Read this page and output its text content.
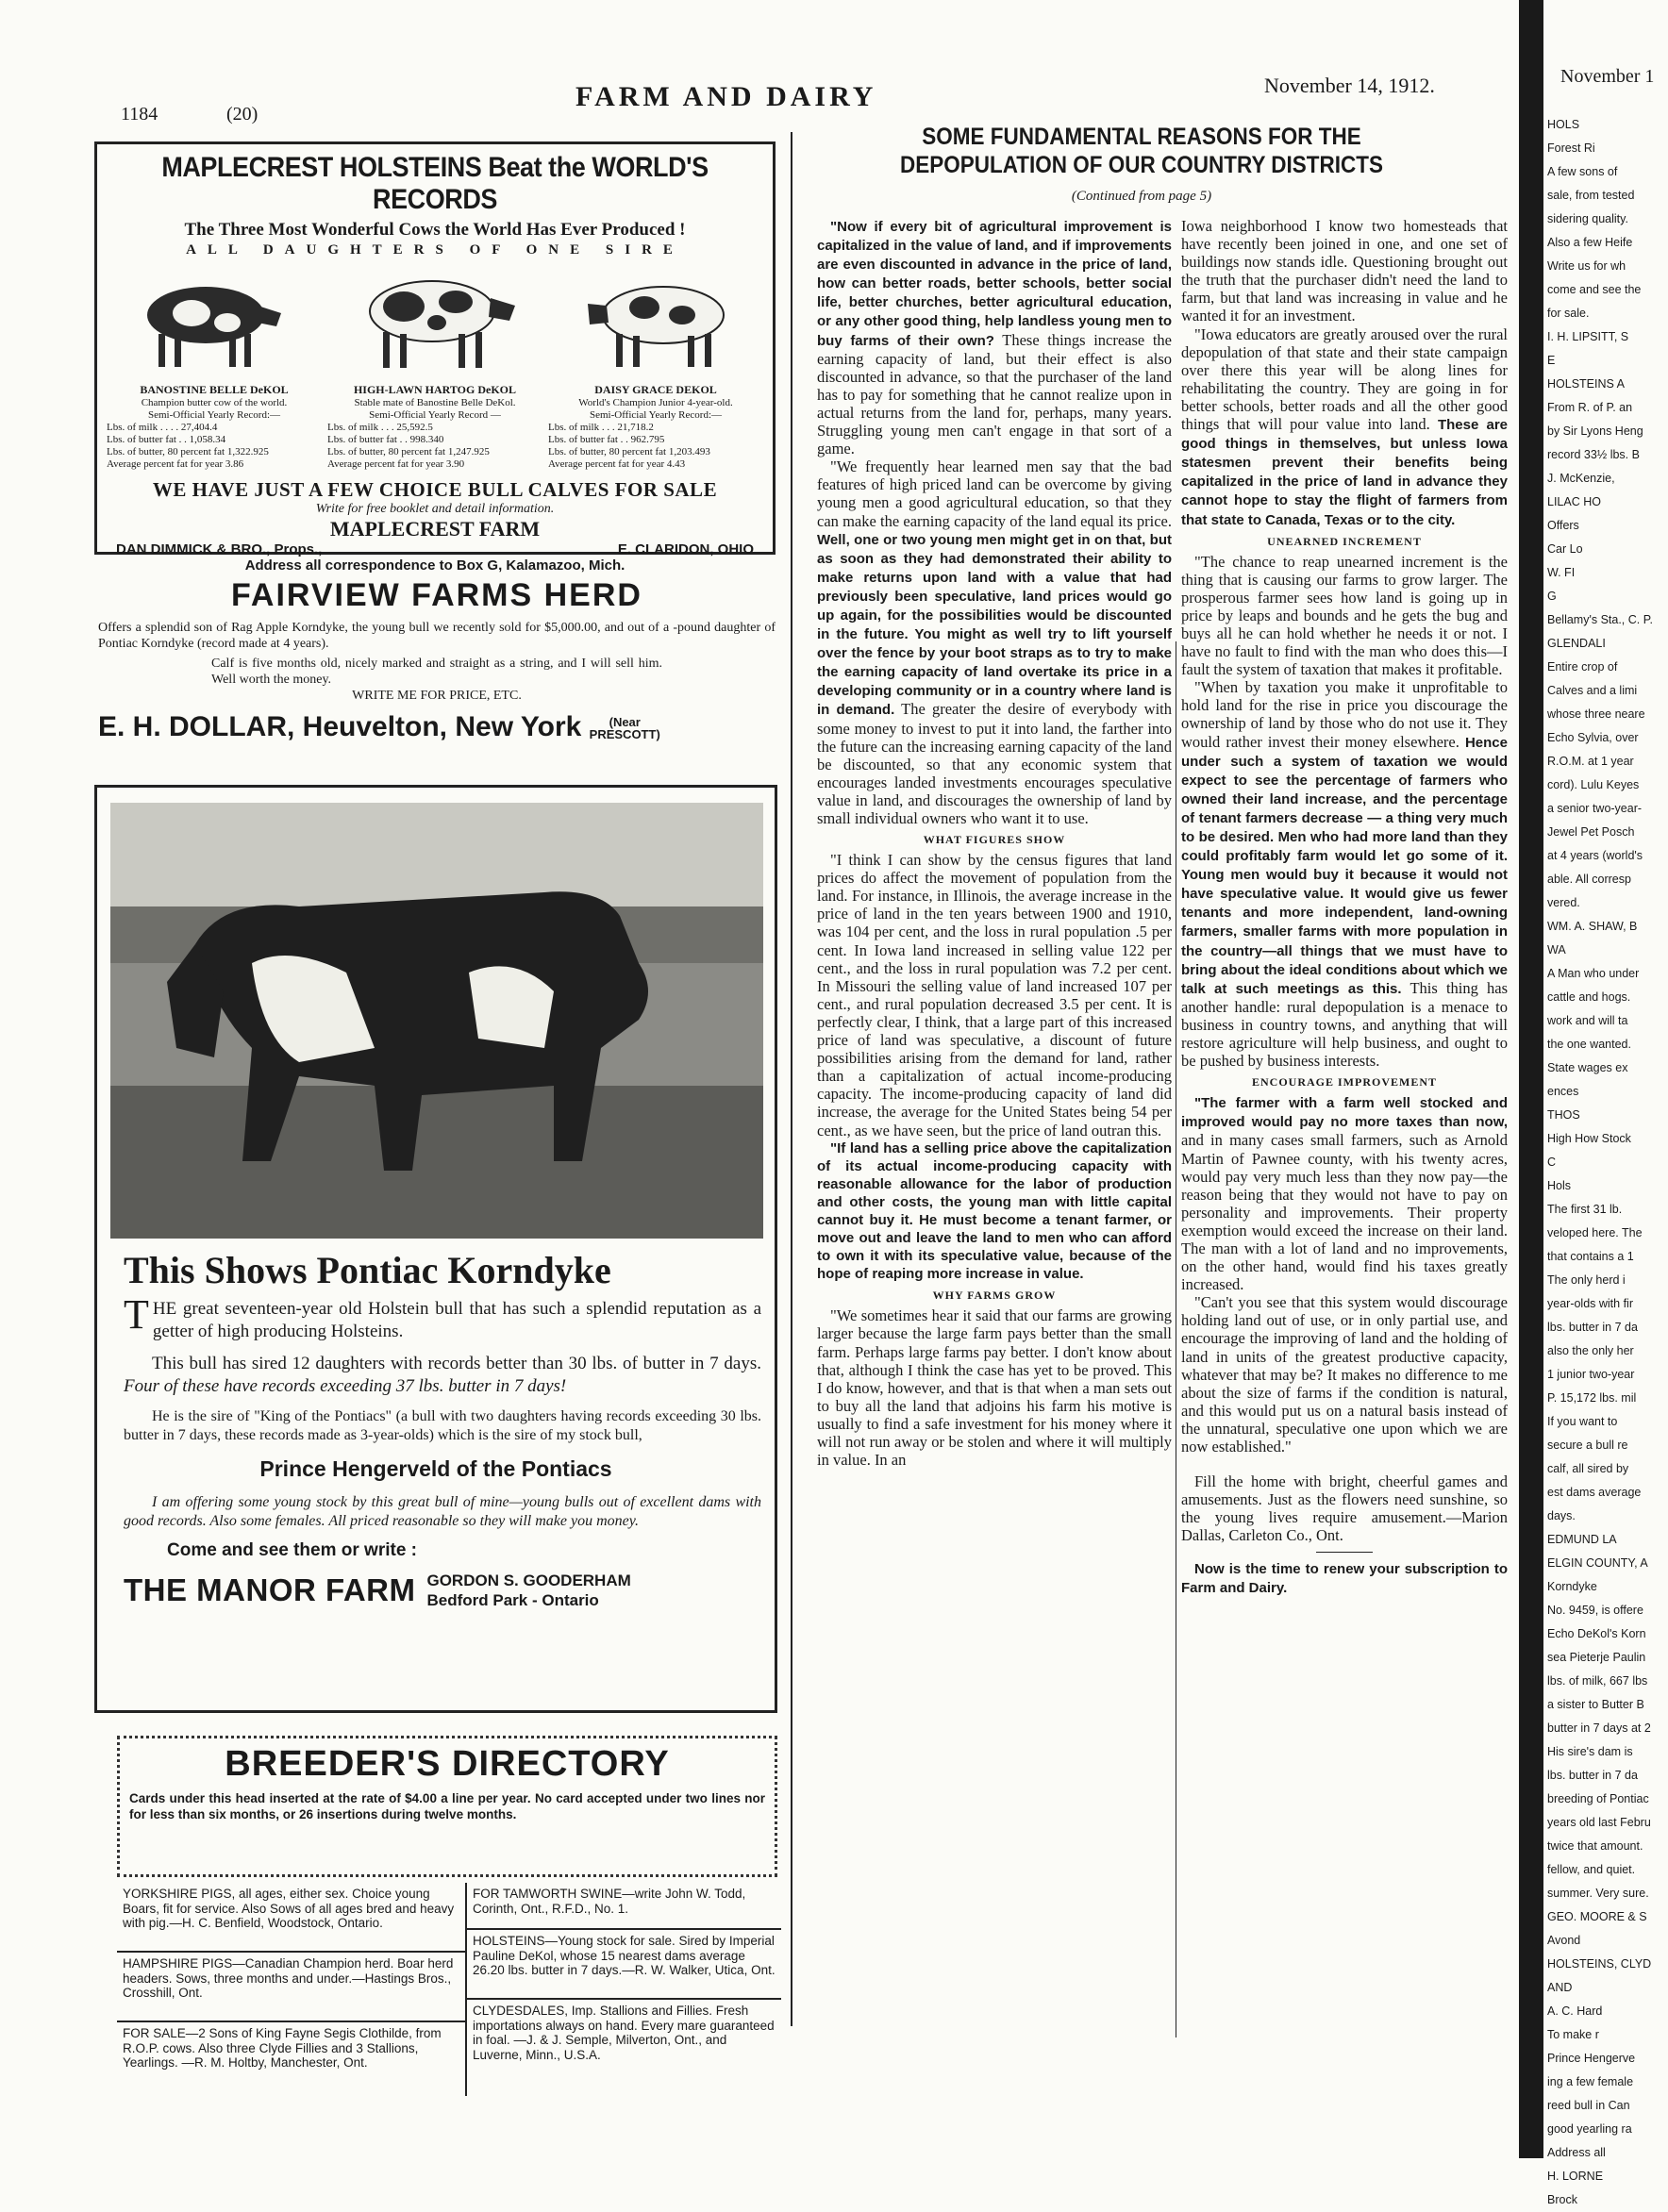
1184	(20)
FARM AND DAIRY	November 14, 1912.
MAPLECREST HOLSTEINS Beat the WORLD'S RECORDS
The Three Most Wonderful Cows the World Has Ever Produced !
ALL DAUGHTERS OF ONE SIRE
BANOSTINE BELLE DeKOL
Champion butter cow of the world.
Semi-Official Yearly Record:—
Lbs. of milk . . . . 27,404.4
Lbs. of butter fat . . 1,058.34
Lbs. of butter, 80 percent fat 1,322.925
Average percent fat for year 3.86
HIGH-LAWN HARTOG DeKOL
Stable mate of Banostine Belle DeKol.
Semi-Official Yearly Record —
Lbs. of milk . . . 25,592.5
Lbs. of butter fat . . 998.340
Lbs. of butter, 80 percent fat 1,247.925
Average percent fat for year 3.90
DAISY GRACE DEKOL
World's Champion Junior 4-year-old.
Semi-Official Yearly Record:—
Lbs. of milk . . . 21,718.2
Lbs. of butter fat . . 962.795
Lbs. of butter, 80 percent fat 1,203.493
Average percent fat for year 4.43
WE HAVE JUST A FEW CHOICE BULL CALVES FOR SALE
Write for free booklet and detail information.
MAPLECREST FARM
DAN DIMMICK & BRO., Props.,	E. CLARIDON, OHIO
Address all correspondence to Box G, Kalamazoo, Mich.
FAIRVIEW FARMS HERD
Offers a splendid son of Rag Apple Korndyke, the young bull we recently sold for $5,000.00, and out of a -pound daughter of Pontiac Korndyke (record made at 4 years).
Calf is five months old, nicely marked and straight as a string, and I will sell him. Well worth the money.
WRITE ME FOR PRICE, ETC.
E. H. DOLLAR, Heuvelton, New York (Near
PRESCOTT)
This Shows Pontiac Korndyke
T HE great seventeen-year old Holstein bull that has such a splendid reputation as a getter of high producing Holsteins.
This bull has sired 12 daughters with records better than 30 lbs. of butter in 7 days. Four of these have records exceeding 37 lbs. butter in 7 days!
He is the sire of "King of the Pontiacs" (a bull with two daughters having records exceeding 30 lbs. butter in 7 days, these records made as 3-year-olds) which is the sire of my stock bull,
Prince Hengerveld of the Pontiacs
I am offering some young stock by this great bull of mine—young bulls out of excellent dams with good records. Also some females. All priced reasonable so they will make you money.
Come and see them or write :
THE MANOR FARM GORDON S. GOODERHAM
Bedford Park - Ontario
BREEDER'S DIRECTORY
Cards under this head inserted at the rate of $4.00 a line per year. No card accepted under two lines nor for less than six months, or 26 insertions during twelve months.
YORKSHIRE PIGS, all ages, either sex. Choice young Boars, fit for service. Also Sows of all ages bred and heavy with pig.—H. C. Benfield, Woodstock, Ontario.
HAMPSHIRE PIGS—Canadian Champion herd. Boar herd headers. Sows, three months and under.—Hastings Bros., Crosshill, Ont.
FOR SALE—2 Sons of King Fayne Segis Clothilde, from R.O.P. cows. Also three Clyde Fillies and 3 Stallions, Yearlings. —R. M. Holtby, Manchester, Ont.
FOR TAMWORTH SWINE—write John W. Todd, Corinth, Ont., R.F.D., No. 1.
HOLSTEINS—Young stock for sale. Sired by Imperial Pauline DeKol, whose 15 nearest dams average 26.20 lbs. butter in 7 days.—R. W. Walker, Utica, Ont.
CLYDESDALES, Imp. Stallions and Fillies. Fresh importations always on hand. Every mare guaranteed in foal. —J. & J. Semple, Milverton, Ont., and Luverne, Minn., U.S.A.
SOME FUNDAMENTAL REASONS FOR THE DEPOPULATION OF OUR COUNTRY DISTRICTS
(Continued from page 5)

"Now if every bit of agricultural improvement is capitalized in the value of land, and if improvements are even discounted in advance in the price of land, how can better roads, better schools, better social life, better churches, better agricultural education, or any other good thing, help landless young men to buy farms of their own? These things increase the earning capacity of land, but their effect is also discounted in advance, so that the purchaser of the land has to pay for something that he cannot realize upon in actual returns from the land for, perhaps, many years. Struggling young men can't engage in that sort of a game.

"We frequently hear learned men say that the bad features of high priced land can be overcome by giving young men a good agricultural education, so that they can make the earning capacity of the land equal its price. Well, one or two young men might get in on that, but as soon as they had demonstrated their ability to make returns upon land with a value that had previously been speculative, land prices would go up again, for the possibilities would be discounted in the future. You might as well try to lift yourself over the fence by your boot straps as to try to make the earning capacity of land overtake its price in a developing community or in a country where land is in demand. The greater the desire of everybody with some money to invest to put it into land, the farther into the future can the increasing earning capacity of the land be discounted, so that any economic system that encourages landed investments encourages speculative value in land, and discourages the ownership of land by small individual owners who want it to use.

WHAT FIGURES SHOW

"I think I can show by the census figures that land prices do affect the movement of population from the land. For instance, in Illinois, the average increase in the price of land in the ten years between 1900 and 1910, was 104 per cent, and the loss in rural population .5 per cent. In Iowa land increased in selling value 122 per cent., and the loss in rural population was 7.2 per cent. In Missouri the selling value of land increased 107 per cent., and rural population decreased 3.5 per cent. It is perfectly clear, I think, that a large part of this increased price of land was speculative, a discount of future possibilities arising from the demand for land, rather than a capitalization of actual income-producing capacity. The income-producing capacity of land did increase, the average for the United States being 54 per cent., as we have seen, but the price of land outran this.

"If land has a selling price above the capitalization of its actual income-producing capacity with reasonable allowance for the labor of production and other costs, the young man with little capital cannot buy it. He must become a tenant farmer, or move out and leave the land to men who can afford to own it with its speculative value, because of the hope of reaping more increase in value.

WHY FARMS GROW

"We sometimes hear it said that our farms are growing larger because the large farm pays better than the small farm. Perhaps large farms pay better. I don't know about that, although I think the case has yet to be proved. This I do know, however, and that is that when a man sets out to buy all the land that adjoins his farm his motive is usually to find a safe investment for his money where it will not run away or be stolen and where it will multiply in value. In an

Iowa neighborhood I know two homesteads that have recently been joined in one, and one set of buildings now stands idle. Questioning brought out the truth that the purchaser didn't need the land to farm, but that land was increasing in value and he wanted it for an investment.

"Iowa educators are greatly aroused over the rural depopulation of that state and their state campaign over there this year will be along lines for rehabilitating the country. They are going in for better schools, better roads and all the other good things that will pour value into land. These are good things in themselves, but unless Iowa statesmen prevent their benefits being capitalized in the price of land in advance they cannot hope to stay the flight of farmers from that state to Canada, Texas or to the city.

UNEARNED INCREMENT

"The chance to reap unearned increment is the thing that is causing our farms to grow larger. The prosperous farmer sees how land is going up in price by leaps and bounds and he gets the bug and buys all he can hold whether he needs it or not. I have no fault to find with the man who does this—I fault the system of taxation that makes it profitable.

"When by taxation you make it unprofitable to hold land for the rise in price you discourage the ownership of land by those who do not use it. They would rather invest their money elsewhere. Hence under such a system of taxation we would expect to see the percentage of farmers who owned their land increase, and the percentage of tenant farmers decrease — a thing very much to be desired. Men who had more land than they could profitably farm would let go some of it. Young men would buy it because it would not have speculative value. It would give us fewer tenants and more independent, land-owning farmers, smaller farms with more population in the country—all things that we must have to bring about the ideal conditions about which we talk at such meetings as this. This thing has another handle: rural depopulation is a menace to business in country towns, and anything that will restore agriculture will help business, and ought to be pushed by business interests.

ENCOURAGE IMPROVEMENT

"The farmer with a farm well stocked and improved would pay no more taxes than now, and in many cases small farmers, such as Arnold Martin of Pawnee county, with his twenty acres, would pay very much less than they now pay—the reason being that they would not have to pay on personality and improvements. Their property exemption would exceed the increase on their land. The man with a lot of land and no improvements, on the other hand, would find his taxes greatly increased.

"Can't you see that this system would discourage holding land out of use, or in only partial use, and encourage the improving of land and the holding of land in units of the greatest productive capacity, whatever that may be? It makes no difference to me about the size of farms if the condition is natural, and this would put us on a natural basis instead of the unnatural, speculative one upon which we are now established."

Fill the home with bright, cheerful games and amusements. Just as the flowers need sunshine, so the young lives require amusement.—Marion Dallas, Carleton Co., Ont.

Now is the time to renew your subscription to Farm and Dairy.

November 1
HOLS
Forest Ri
A few sons of
sale, from tested
sidering quality.
Also a few Heife
Write us for wh
come and see the
for sale.
I. H. LIPSITT, S
E
HOLSTEINS A
From R. of P. an
by Sir Lyons Heng
record 33½ lbs. B
J. McKenzie,
LILAC HO
Offers
Car Lo
W. FI
G
Bellamy's Sta., C. P.
GLENDALI
Entire crop of
Calves and a limi
whose three neare
Echo Sylvia, over
R.O.M. at 1 year
cord). Lulu Keyes
a senior two-year-
Jewel Pet Posch
at 4 years (world's
able. All corresp
vered.
WM. A. SHAW, B
WA
A Man who under
cattle and hogs.
work and will ta
the one wanted.
State wages ex
ences
THOS
High How Stock
C
Hols
The first 31 lb.
veloped here. The
that contains a 1
The only herd i
year-olds with fir
lbs. butter in 7 da
also the only her
1 junior two-year
P. 15,172 lbs. mil
If you want to
secure a bull re
calf, all sired by
est dams average
days.
EDMUND LA
ELGIN COUNTY, A
Korndyke
No. 9459, is offere
Echo DeKol's Korn
sea Pieterje Paulin
lbs. of milk, 667 lbs
a sister to Butter B
butter in 7 days at 2
His sire's dam is
lbs. butter in 7 da
breeding of Pontiac
years old last Febru
twice that amount.
fellow, and quiet.
summer. Very sure.
GEO. MOORE & S
Avond
HOLSTEINS, CLYD
AND
A. C. Hard
To make r
Prince Hengerve
ing a few female
reed bull in Can
good yearling ra
Address all
H. LORNE
Brock
